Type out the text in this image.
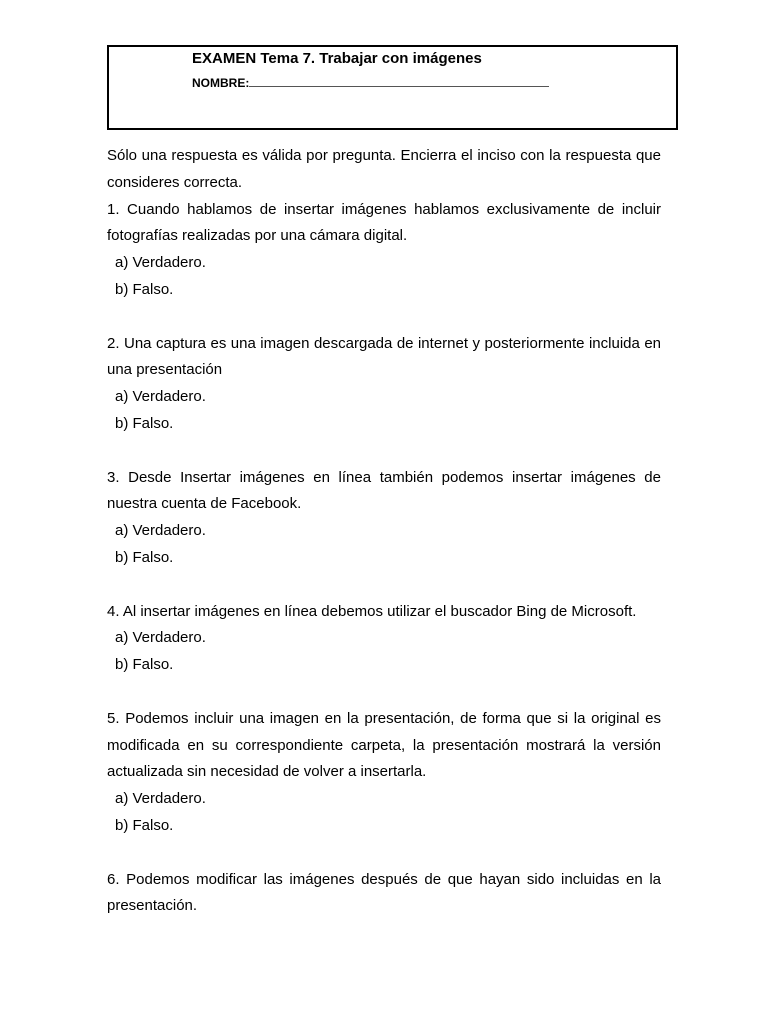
EXAMEN Tema 7. Trabajar con imágenes
NOMBRE:

Sólo una respuesta es válida por pregunta. Encierra el inciso con la respuesta que consideres correcta.

1. Cuando hablamos de insertar imágenes hablamos exclusivamente de incluir fotografías realizadas por una cámara digital.

a) Verdadero.
b) Falso.

2. Una captura es una imagen descargada de internet y posteriormente incluida en una presentación

a) Verdadero.
b) Falso.

3. Desde Insertar imágenes en línea también podemos insertar imágenes de nuestra cuenta de Facebook.

a) Verdadero.
b) Falso.

4. Al insertar imágenes en línea debemos utilizar el buscador Bing de Microsoft.

a) Verdadero.
b) Falso.

5. Podemos incluir una imagen en la presentación, de forma que si la original es modificada en su correspondiente carpeta, la presentación mostrará la versión actualizada sin necesidad de volver a insertarla.

a) Verdadero.
b) Falso.

6. Podemos modificar las imágenes después de que hayan sido incluidas en la presentación.
